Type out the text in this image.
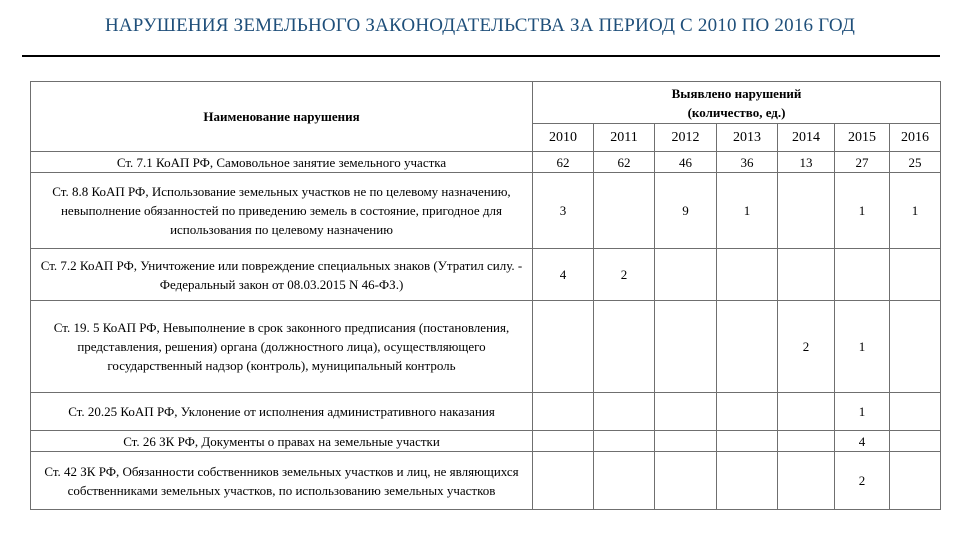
НАРУШЕНИЯ ЗЕМЕЛЬНОГО ЗАКОНОДАТЕЛЬСТВА ЗА ПЕРИОД С 2010 ПО 2016 ГОД
Наименование нарушения	Выявлено нарушений
(количество, ед.)						
	2010	2011	2012	2013	2014	2015	2016
Ст. 7.1 КоАП РФ, Самовольное занятие земельного участка	62	62	46	36	13	27	25
Ст. 8.8 КоАП РФ, Использование земельных участков не по целевому назначению, невыполнение обязанностей по приведению земель в состояние, пригодное для использования по целевому назначению	3		9	1		1	1
Ст. 7.2 КоАП РФ, Уничтожение или повреждение специальных знаков (Утратил силу. - Федеральный закон от 08.03.2015 N 46-ФЗ.)	4	2					
Ст. 19. 5 КоАП РФ, Невыполнение в срок законного предписания (постановления, представления, решения) органа (должностного лица), осуществляющего государственный надзор (контроль), муниципальный контроль					2	1	
Ст. 20.25 КоАП РФ, Уклонение от исполнения административного наказания						1	
Ст. 26 ЗК РФ, Документы о правах на земельные участки						4	
Ст. 42 ЗК РФ, Обязанности собственников земельных участков и лиц, не являющихся собственниками земельных участков, по использованию земельных участков						2	
